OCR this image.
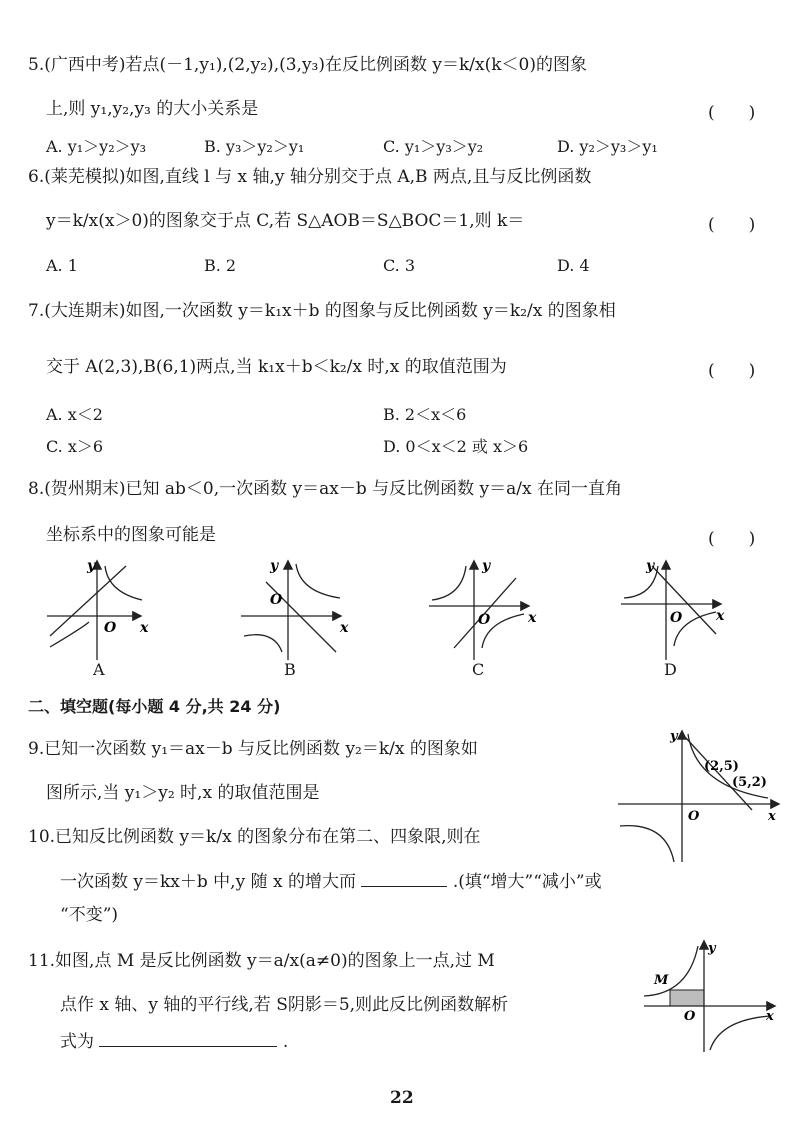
5.(广西中考)若点(－1,y₁),(2,y₂),(3,y₃)在反比例函数 y＝k/x(k＜0)的图象
上,则 y₁,y₂,y₃ 的大小关系是	(　　)
A. y₁＞y₂＞y₃	B. y₃＞y₂＞y₁	C. y₁＞y₃＞y₂	D. y₂＞y₃＞y₁
6.(莱芜模拟)如图,直线 l 与 x 轴,y 轴分别交于点 A,B 两点,且与反比例函数
y＝k/x(x＞0)的图象交于点 C,若 S△AOB＝S△BOC＝1,则 k＝	(　　)
A. 1	B. 2	C. 3	D. 4
7.(大连期末)如图,一次函数 y＝k₁x＋b 的图象与反比例函数 y＝k₂/x 的图象相
交于 A(2,3),B(6,1)两点,当 k₁x＋b＜k₂/x 时,x 的取值范围为	(　　)
A. x＜2	B. 2＜x＜6
C. x＞6	D. 0＜x＜2 或 x＞6
8.(贺州期末)已知 ab＜0,一次函数 y＝ax－b 与反比例函数 y＝a/x 在同一直角
坐标系中的图象可能是	(　　)
y
O x
A
y
O
x
B
y
O	x
C
y
O x
D
二、填空题(每小题 4 分,共 24 分)
9.已知一次函数 y₁＝ax－b 与反比例函数 y₂＝k/x 的图象如
图所示,当 y₁＞y₂ 时,x 的取值范围是
y
O	x
(2,5)
(5,2)
10.已知反比例函数 y＝k/x 的图象分布在第二、四象限,则在
一次函数 y＝kx＋b 中,y 随 x 的增大而	.(填“增大”“减小”或
“不变”)
11.如图,点 M 是反比例函数 y＝a/x(a≠0)的图象上一点,过 M
点作 x 轴、y 轴的平行线,若 S阴影＝5,则此反比例函数解析
式为	.
y
O	x
M
22
